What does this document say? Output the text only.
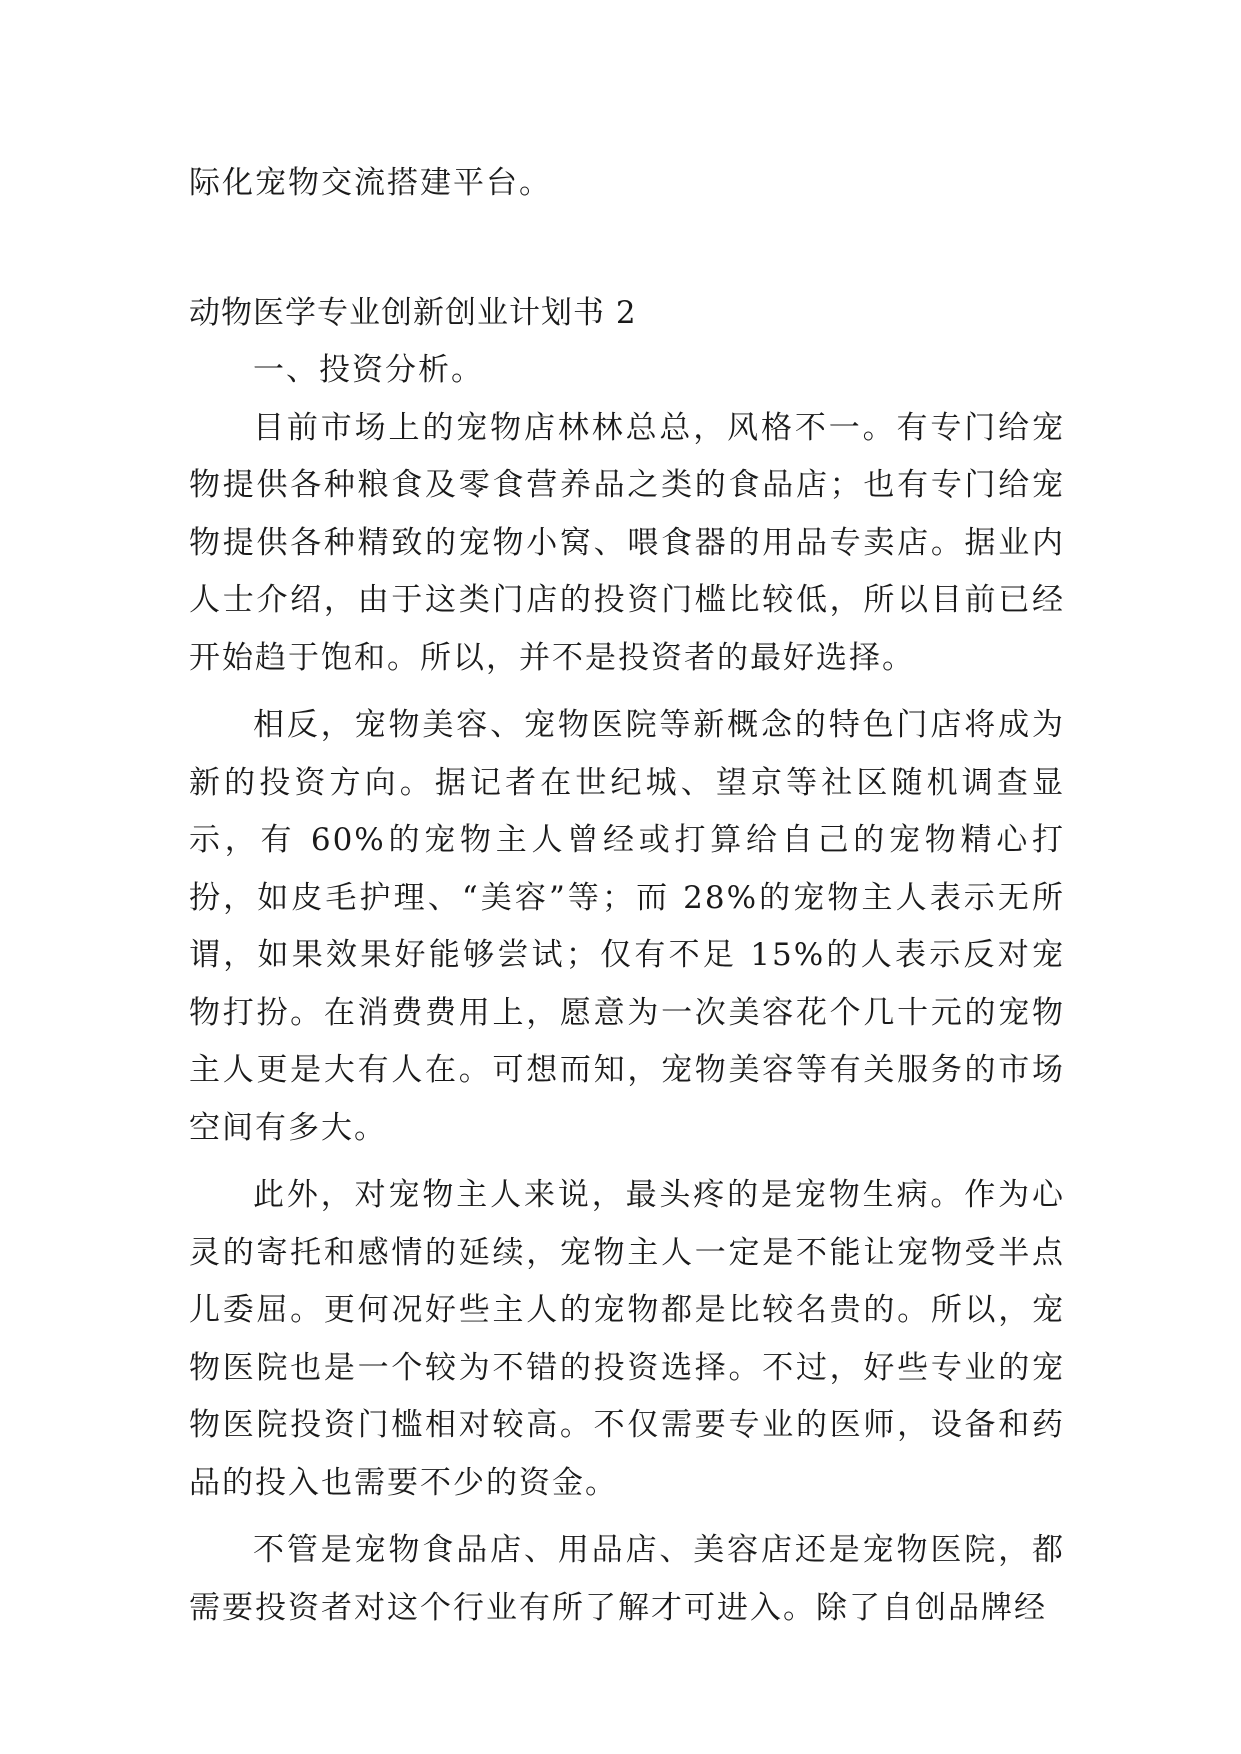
际化宠物交流搭建平台。
动物医学专业创新创业计划书 2

一、投资分析。

目前市场上的宠物店林林总总，风格不一。有专门给宠物提供各种粮食及零食营养品之类的食品店；也有专门给宠物提供各种精致的宠物小窝、喂食器的用品专卖店。据业内人士介绍，由于这类门店的投资门槛比较低，所以目前已经开始趋于饱和。所以，并不是投资者的最好选择。

相反，宠物美容、宠物医院等新概念的特色门店将成为新的投资方向。据记者在世纪城、望京等社区随机调查显示，有 60%的宠物主人曾经或打算给自己的宠物精心打扮，如皮毛护理、“美容”等；而 28%的宠物主人表示无所谓，如果效果好能够尝试；仅有不足 15%的人表示反对宠物打扮。在消费费用上，愿意为一次美容花个几十元的宠物主人更是大有人在。可想而知，宠物美容等有关服务的市场空间有多大。

此外，对宠物主人来说，最头疼的是宠物生病。作为心灵的寄托和感情的延续，宠物主人一定是不能让宠物受半点儿委屈。更何况好些主人的宠物都是比较名贵的。所以，宠物医院也是一个较为不错的投资选择。不过，好些专业的宠物医院投资门槛相对较高。不仅需要专业的医师，设备和药品的投入也需要不少的资金。

不管是宠物食品店、用品店、美容店还是宠物医院，都需要投资者对这个行业有所了解才可进入。除了自创品牌经
